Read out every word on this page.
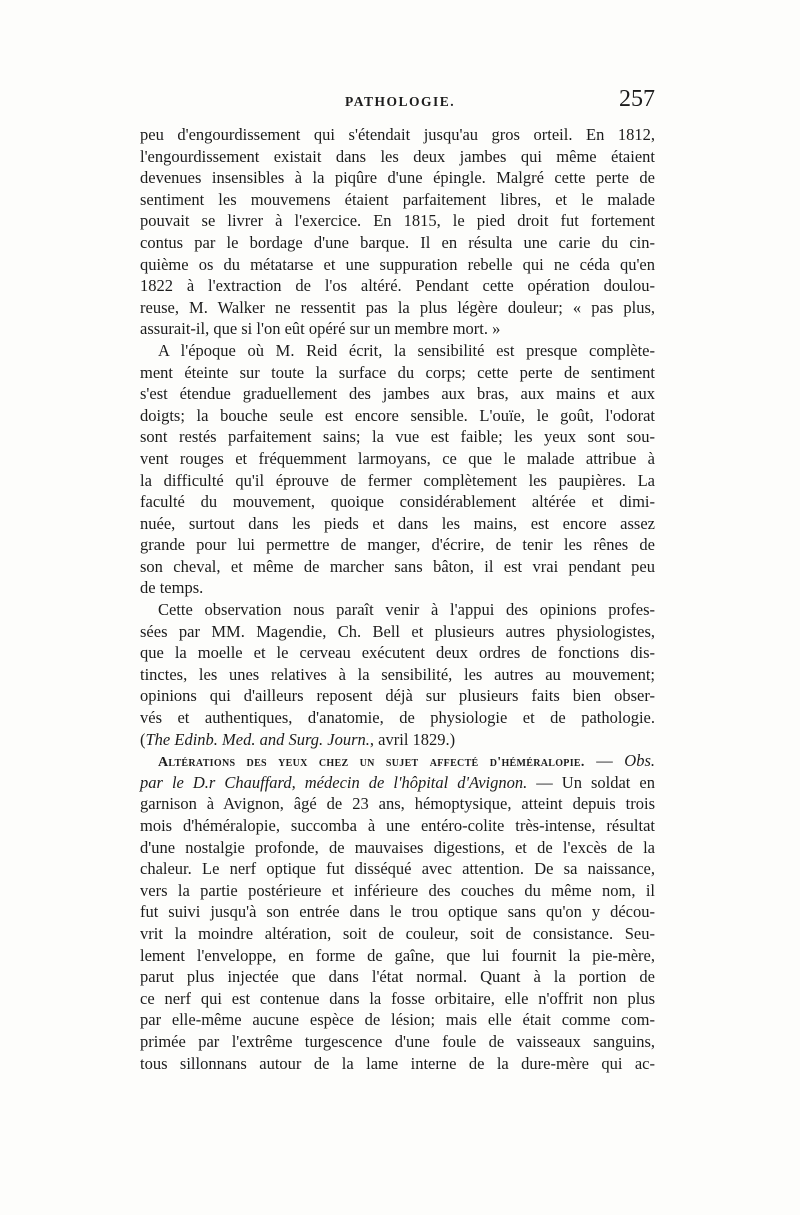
PATHOLOGIE.	257
peu d'engourdissement qui s'étendait jusqu'au gros orteil. En 1812,
l'engourdissement existait dans les deux jambes qui même étaient
devenues insensibles à la piqûre d'une épingle. Malgré cette perte de
sentiment les mouvemens étaient parfaitement libres, et le malade
pouvait se livrer à l'exercice. En 1815, le pied droit fut fortement
contus par le bordage d'une barque. Il en résulta une carie du cin-
quième os du métatarse et une suppuration rebelle qui ne céda qu'en
1822 à l'extraction de l'os altéré. Pendant cette opération doulou-
reuse, M. Walker ne ressentit pas la plus légère douleur; « pas plus,
assurait-il, que si l'on eût opéré sur un membre mort. »
A l'époque où M. Reid écrit, la sensibilité est presque complète-
ment éteinte sur toute la surface du corps; cette perte de sentiment
s'est étendue graduellement des jambes aux bras, aux mains et aux
doigts; la bouche seule est encore sensible. L'ouïe, le goût, l'odorat
sont restés parfaitement sains; la vue est faible; les yeux sont sou-
vent rouges et fréquemment larmoyans, ce que le malade attribue à
la difficulté qu'il éprouve de fermer complètement les paupières. La
faculté du mouvement, quoique considérablement altérée et dimi-
nuée, surtout dans les pieds et dans les mains, est encore assez
grande pour lui permettre de manger, d'écrire, de tenir les rênes de
son cheval, et même de marcher sans bâton, il est vrai pendant peu
de temps.
Cette observation nous paraît venir à l'appui des opinions profes-
sées par MM. Magendie, Ch. Bell et plusieurs autres physiologistes,
que la moelle et le cerveau exécutent deux ordres de fonctions dis-
tinctes, les unes relatives à la sensibilité, les autres au mouvement;
opinions qui d'ailleurs reposent déjà sur plusieurs faits bien obser-
vés et authentiques, d'anatomie, de physiologie et de pathologie.
(The Edinb. Med. and Surg. Journ., avril 1829.)
Altérations des yeux chez un sujet affecté d'héméralopie. — Obs.
par le D.r Chauffard, médecin de l'hôpital d'Avignon. — Un soldat en
garnison à Avignon, âgé de 23 ans, hémoptysique, atteint depuis trois
mois d'héméralopie, succomba à une entéro-colite très-intense, résultat
d'une nostalgie profonde, de mauvaises digestions, et de l'excès de la
chaleur. Le nerf optique fut disséqué avec attention. De sa naissance,
vers la partie postérieure et inférieure des couches du même nom, il
fut suivi jusqu'à son entrée dans le trou optique sans qu'on y décou-
vrit la moindre altération, soit de couleur, soit de consistance. Seu-
lement l'enveloppe, en forme de gaîne, que lui fournit la pie-mère,
parut plus injectée que dans l'état normal. Quant à la portion de
ce nerf qui est contenue dans la fosse orbitaire, elle n'offrit non plus
par elle-même aucune espèce de lésion; mais elle était comme com-
primée par l'extrême turgescence d'une foule de vaisseaux sanguins,
tous sillonnans autour de la lame interne de la dure-mère qui ac-
